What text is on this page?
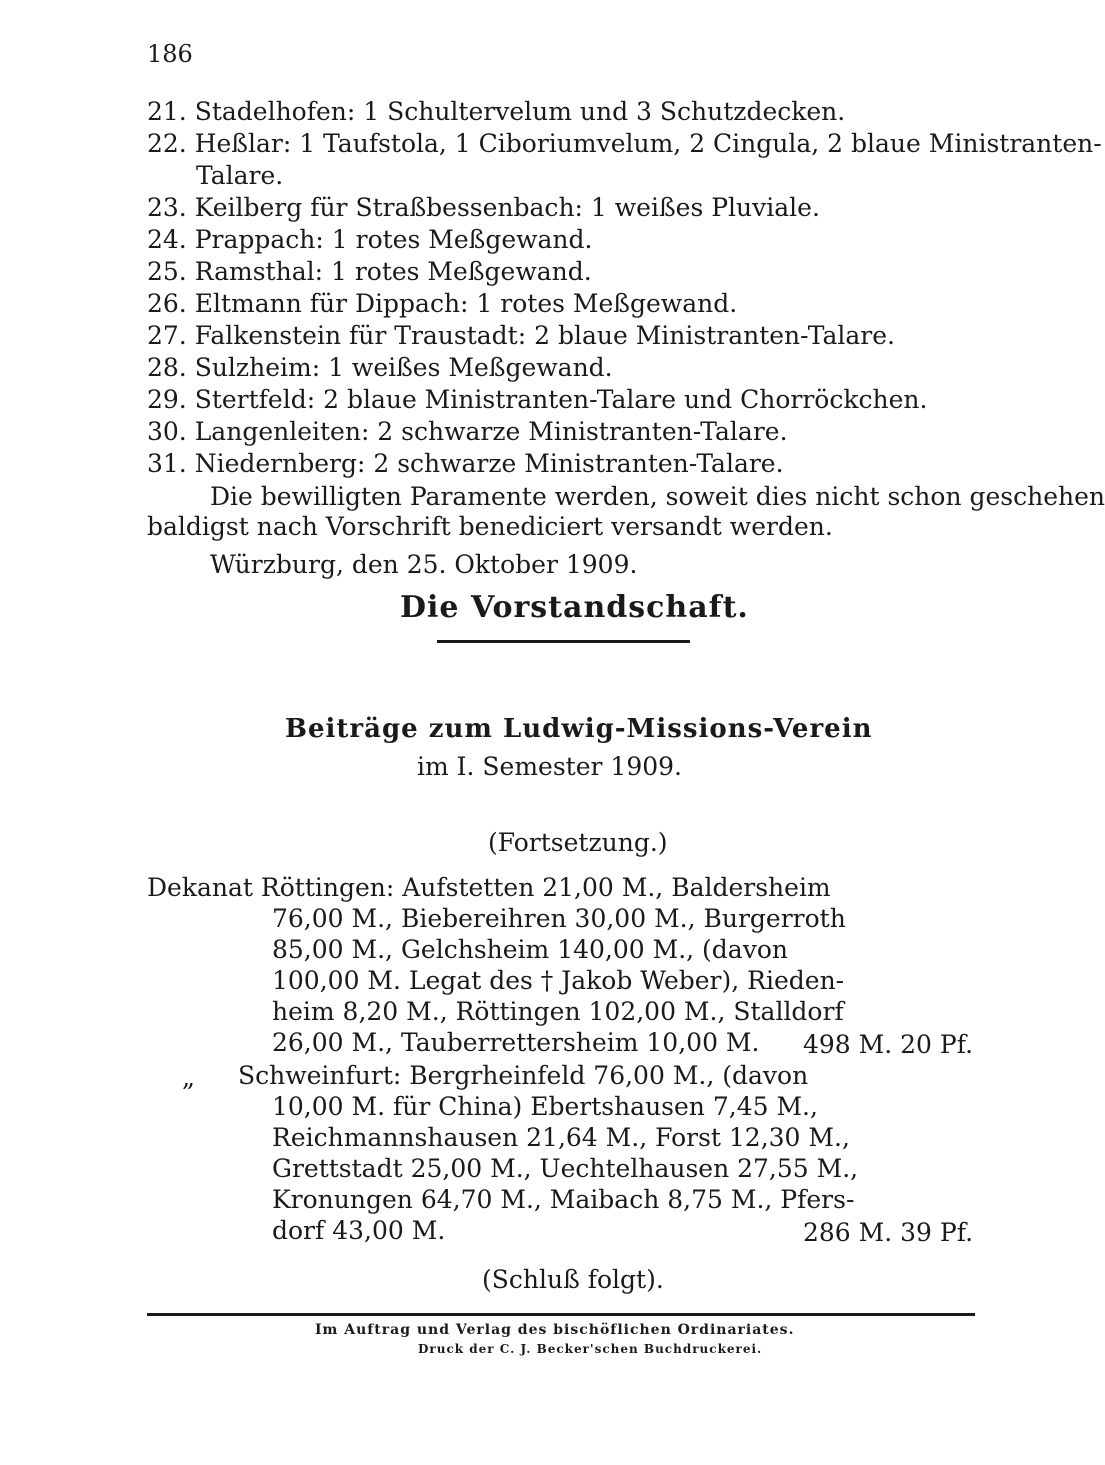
186
21. Stadelhofen: 1 Schultervelum und 3 Schutzdecken.
22. Heßlar: 1 Taufstola, 1 Ciboriumvelum, 2 Cingula, 2 blaue Ministranten-
Talare.
23. Keilberg für Straßbessenbach: 1 weißes Pluviale.
24. Prappach: 1 rotes Meßgewand.
25. Ramsthal: 1 rotes Meßgewand.
26. Eltmann für Dippach: 1 rotes Meßgewand.
27. Falkenstein für Traustadt: 2 blaue Ministranten-Talare.
28. Sulzheim: 1 weißes Meßgewand.
29. Stertfeld: 2 blaue Ministranten-Talare und Chorröckchen.
30. Langenleiten: 2 schwarze Ministranten-Talare.
31. Niedernberg: 2 schwarze Ministranten-Talare.
Die bewilligten Paramente werden, soweit dies nicht schon geschehen
baldigst nach Vorschrift benediciert versandt werden.
Würzburg, den 25. Oktober 1909.
Die Vorstandschaft.
Beiträge zum Ludwig-Missions-Verein
im I. Semester 1909.
(Fortsetzung.)
Dekanat Röttingen: Aufstetten 21,00 M., Baldersheim
76,00 M., Biebereihren 30,00 M., Burgerroth
85,00 M., Gelchsheim 140,00 M., (davon
100,00 M. Legat des † Jakob Weber), Rieden-
heim 8,20 M., Röttingen 102,00 M., Stalldorf
26,00 M., Tauberrettersheim 10,00 M. 498 M. 20 Pf.
„ Schweinfurt: Bergrheinfeld 76,00 M., (davon
10,00 M. für China) Ebertshausen 7,45 M.,
Reichmannshausen 21,64 M., Forst 12,30 M.,
Grettstadt 25,00 M., Uechtelhausen 27,55 M.,
Kronungen 64,70 M., Maibach 8,75 M., Pfers-
dorf 43,00 M.	286 M. 39 Pf.
(Schluß folgt).
Im Auftrag und Verlag des bischöflichen Ordinariates.
Druck der C. J. Becker'schen Buchdruckerei.
